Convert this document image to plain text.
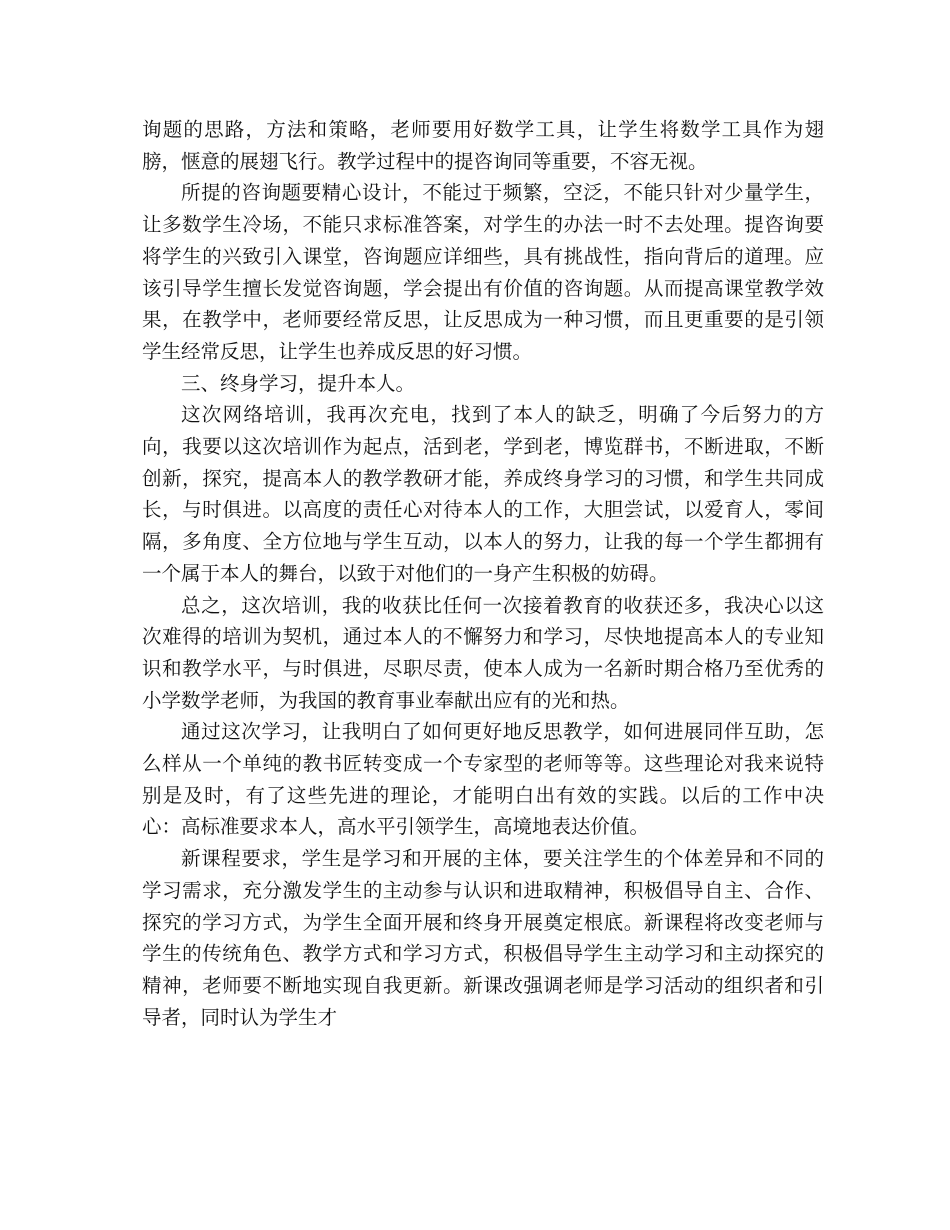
询题的思路，方法和策略，老师要用好数学工具，让学生将数学工具作为翅膀，惬意的展翅飞行。教学过程中的提咨询同等重要，不容无视。

所提的咨询题要精心设计，不能过于频繁，空泛，不能只针对少量学生，让多数学生冷场，不能只求标准答案，对学生的办法一时不去处理。提咨询要将学生的兴致引入课堂，咨询题应详细些，具有挑战性，指向背后的道理。应该引导学生擅长发觉咨询题，学会提出有价值的咨询题。从而提高课堂教学效果，在教学中，老师要经常反思，让反思成为一种习惯，而且更重要的是引领学生经常反思，让学生也养成反思的好习惯。

三、终身学习，提升本人。

这次网络培训，我再次充电，找到了本人的缺乏，明确了今后努力的方向，我要以这次培训作为起点，活到老，学到老，博览群书，不断进取，不断创新，探究，提高本人的教学教研才能，养成终身学习的习惯，和学生共同成长，与时俱进。以高度的责任心对待本人的工作，大胆尝试，以爱育人，零间隔，多角度、全方位地与学生互动，以本人的努力，让我的每一个学生都拥有一个属于本人的舞台，以致于对他们的一身产生积极的妨碍。

总之，这次培训，我的收获比任何一次接着教育的收获还多，我决心以这次难得的培训为契机，通过本人的不懈努力和学习，尽快地提高本人的专业知识和教学水平，与时俱进，尽职尽责，使本人成为一名新时期合格乃至优秀的小学数学老师，为我国的教育事业奉献出应有的光和热。

通过这次学习，让我明白了如何更好地反思教学，如何进展同伴互助，怎么样从一个单纯的教书匠转变成一个专家型的老师等等。这些理论对我来说特别是及时，有了这些先进的理论，才能明白出有效的实践。以后的工作中决心：高标准要求本人，高水平引领学生，高境地表达价值。

新课程要求，学生是学习和开展的主体，要关注学生的个体差异和不同的学习需求，充分激发学生的主动参与认识和进取精神，积极倡导自主、合作、探究的学习方式，为学生全面开展和终身开展奠定根底。新课程将改变老师与学生的传统角色、教学方式和学习方式，积极倡导学生主动学习和主动探究的精神，老师要不断地实现自我更新。新课改强调老师是学习活动的组织者和引导者，同时认为学生才
